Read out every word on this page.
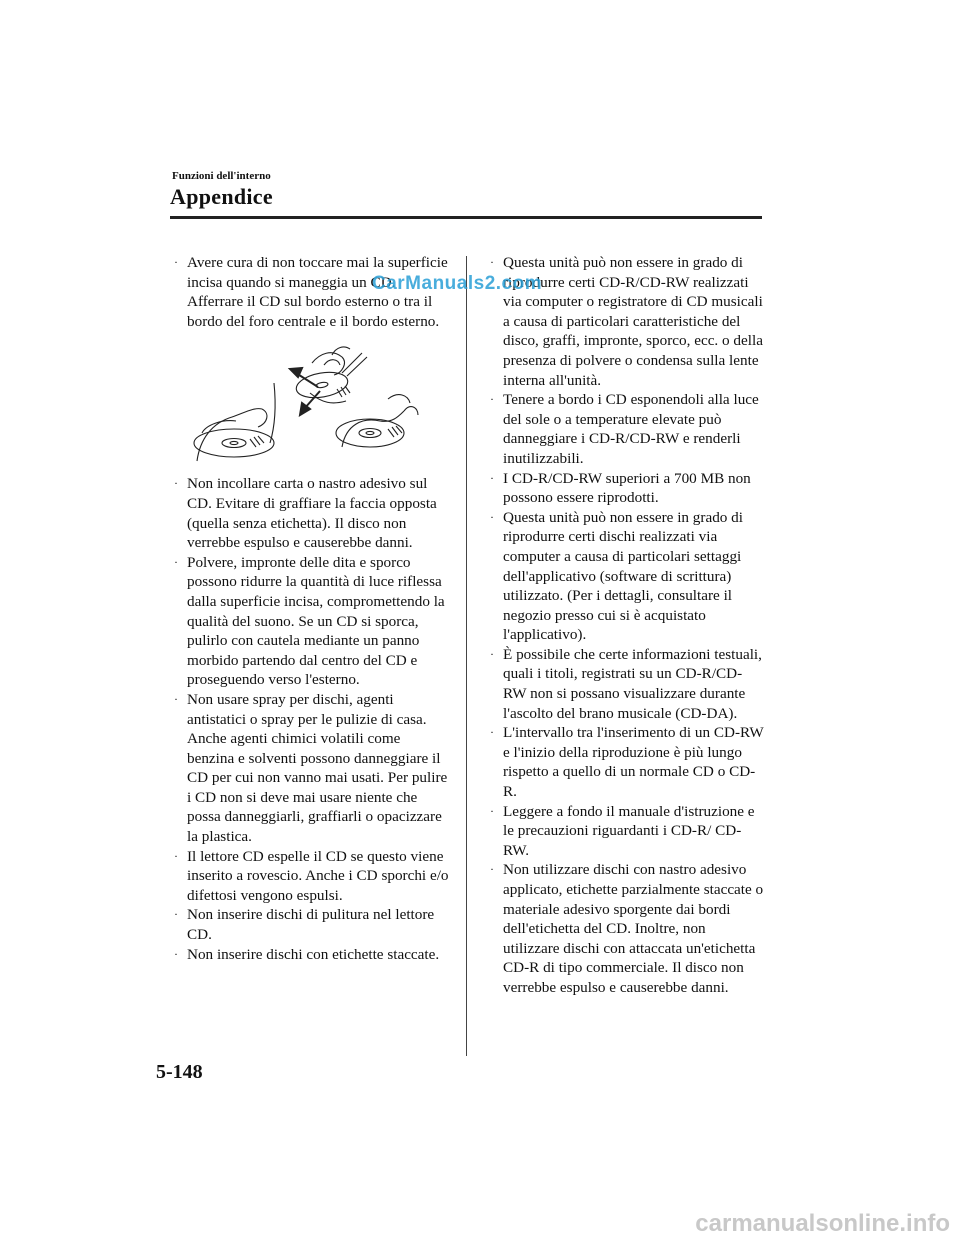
Funzioni dell'interno
Appendice
· Avere cura di non toccare mai la superficie incisa quando si maneggia un CD. Afferrare il CD sul bordo esterno o tra il bordo del foro centrale e il bordo esterno.
· Non incollare carta o nastro adesivo sul CD. Evitare di graffiare la faccia opposta (quella senza etichetta). Il disco non verrebbe espulso e causerebbe danni.
· Polvere, impronte delle dita e sporco possono ridurre la quantità di luce riflessa dalla superficie incisa, compromettendo la qualità del suono. Se un CD si sporca, pulirlo con cautela mediante un panno morbido partendo dal centro del CD e proseguendo verso l'esterno.
· Non usare spray per dischi, agenti antistatici o spray per le pulizie di casa. Anche agenti chimici volatili come benzina e solventi possono danneggiare il CD per cui non vanno mai usati. Per pulire i CD non si deve mai usare niente che possa danneggiarli, graffiarli o opacizzare la plastica.
· Il lettore CD espelle il CD se questo viene inserito a rovescio. Anche i CD sporchi e/o difettosi vengono espulsi.
· Non inserire dischi di pulitura nel lettore CD.
· Non inserire dischi con etichette staccate.
· Questa unità può non essere in grado di riprodurre certi CD-R/CD-RW realizzati via computer o registratore di CD musicali a causa di particolari caratteristiche del disco, graffi, impronte, sporco, ecc. o della presenza di polvere o condensa sulla lente interna all'unità.
· Tenere a bordo i CD esponendoli alla luce del sole o a temperature elevate può danneggiare i CD-R/CD-RW e renderli inutilizzabili.
· I CD-R/CD-RW superiori a 700 MB non possono essere riprodotti.
· Questa unità può non essere in grado di riprodurre certi dischi realizzati via computer a causa di particolari settaggi dell'applicativo (software di scrittura) utilizzato. (Per i dettagli, consultare il negozio presso cui si è acquistato l'applicativo).
· È possibile che certe informazioni testuali, quali i titoli, registrati su un CD-R/CD-RW non si possano visualizzare durante l'ascolto del brano musicale (CD-DA).
· L'intervallo tra l'inserimento di un CD-RW e l'inizio della riproduzione è più lungo rispetto a quello di un normale CD o CD-R.
· Leggere a fondo il manuale d'istruzione e le precauzioni riguardanti i CD-R/ CD-RW.
· Non utilizzare dischi con nastro adesivo applicato, etichette parzialmente staccate o materiale adesivo sporgente dai bordi dell'etichetta del CD. Inoltre, non utilizzare dischi con attaccata un'etichetta CD-R di tipo commerciale. Il disco non verrebbe espulso e causerebbe danni.
CarManuals2.com
5-148
carmanualsonline.info
